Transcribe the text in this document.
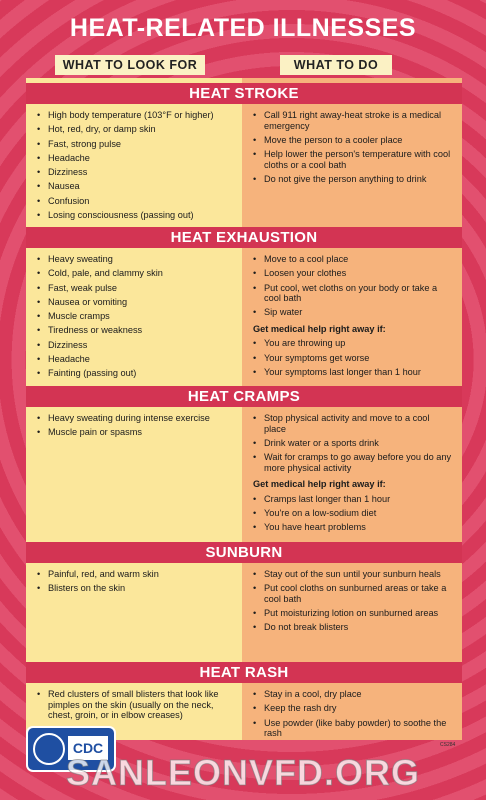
HEAT-RELATED ILLNESSES
WHAT TO LOOK FOR	WHAT TO DO
HEAT STROKE
• High body temperature (103°F or higher)
• Hot, red, dry, or damp skin
• Fast, strong pulse
• Headache
• Dizziness
• Nausea
• Confusion
• Losing consciousness (passing out)
• Call 911 right away-heat stroke is a medical emergency
• Move the person to a cooler place
• Help lower the person's temperature with cool cloths or a cool bath
• Do not give the person anything to drink
HEAT EXHAUSTION
• Heavy sweating
• Cold, pale, and clammy skin
• Fast, weak pulse
• Nausea or vomiting
• Muscle cramps
• Tiredness or weakness
• Dizziness
• Headache
• Fainting (passing out)
• Move to a cool place
• Loosen your clothes
• Put cool, wet cloths on your body or take a cool bath
• Sip water
Get medical help right away if:
• You are throwing up
• Your symptoms get worse
• Your symptoms last longer than 1 hour
HEAT CRAMPS
• Heavy sweating during intense exercise
• Muscle pain or spasms
• Stop physical activity and move to a cool place
• Drink water or a sports drink
• Wait for cramps to go away before you do any more physical activity
Get medical help right away if:
• Cramps last longer than 1 hour
• You're on a low-sodium diet
• You have heart problems
SUNBURN
• Painful, red, and warm skin
• Blisters on the skin
• Stay out of the sun until your sunburn heals
• Put cool cloths on sunburned areas or take a cool bath
• Put moisturizing lotion on sunburned areas
• Do not break blisters
HEAT RASH
• Red clusters of small blisters that look like pimples on the skin (usually on the neck, chest, groin, or in elbow creases)
• Stay in a cool, dry place
• Keep the rash dry
• Use powder (like baby powder) to soothe the rash
CDC	CS284
SANLEONVFD.ORG
